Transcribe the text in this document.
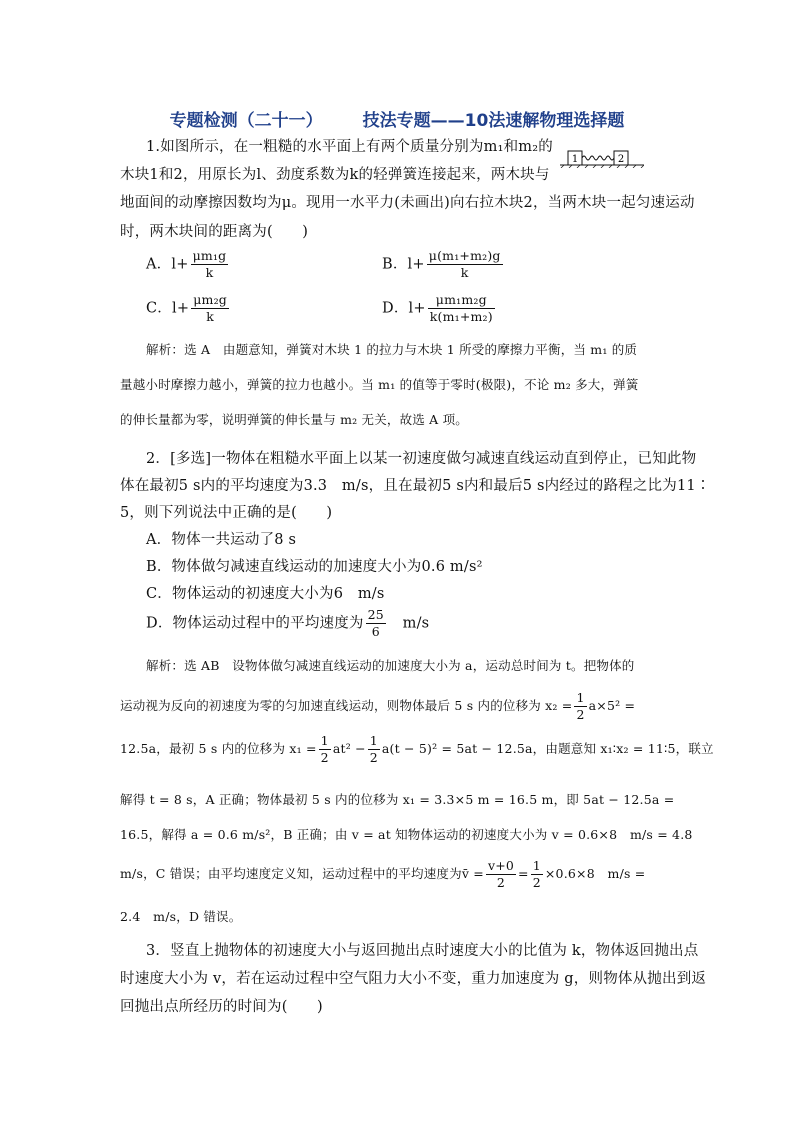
专题检测（二十一） 技法专题——10法速解物理选择题
1.如图所示，在一粗糙的水平面上有两个质量分别为m₁和m₂的
1	2
木块1和2，用原长为l、劲度系数为k的轻弹簧连接起来，两木块与
地面间的动摩擦因数均为μ。现用一水平力(未画出)向右拉木块2，当两木块一起匀速运动
时，两木块间的距离为(　　)
A．$l+ \frac{\text{μm₁g}}{k}$	B．$l+ \frac{\text{μ(m₁+m₂)g}}{k}$
C．$l+ \frac{\text{μm₂g}}{k}$	D．$l+ \frac{\text{μm₁m₂g}}{\text{k(m₁+m₂)}}$
解析：选 A　由题意知，弹簧对木块 1 的拉力与木块 1 所受的摩擦力平衡，当 m₁ 的质
量越小时摩擦力越小，弹簧的拉力也越小。当 m₁ 的值等于零时(极限)，不论 m₂ 多大，弹簧
的伸长量都为零，说明弹簧的伸长量与 m₂ 无关，故选 A 项。
2．[多选]一物体在粗糙水平面上以某一初速度做匀减速直线运动直到停止，已知此物
体在最初5 s内的平均速度为3.3　m/s，且在最初5 s内和最后5 s内经过的路程之比为11∶
5，则下列说法中正确的是(　　)
A．物体一共运动了8 s
B．物体做匀减速直线运动的加速度大小为0.6 m/s²
C．物体运动的初速度大小为6　m/s
D．物体运动过程中的平均速度为 $\frac{25}{6}$ 　m/s
解析：选 AB　设物体做匀减速直线运动的加速度大小为 a，运动总时间为 t。把物体的
运动视为反向的初速度为零的匀加速直线运动，则物体最后 5 s 内的位移为 $x_2 = \frac{1}{2} a\times 5^2$ =
12.5a，最初 5 s 内的位移为 $x_1 = \frac{1}{2} at^2 - \frac{1}{2} a(t - 5)^2 = 5at - 12.5a$，由题意知 x₁∶x₂ = 11∶5，联立
解得 t = 8 s，A 正确；物体最初 5 s 内的位移为 x₁ = 3.3×5 m = 16.5 m，即 5at − 12.5a =
16.5，解得 a = 0.6 m/s²，B 正确；由 v = at 知物体运动的初速度大小为 v = 0.6×8　m/s = 4.8
m/s，C 错误；由平均速度定义知，运动过程中的平均速度为v̄ = $\frac{v+0}{2} = \frac{1}{2} \times 0.6\times 8$　m/s =
2.4　m/s，D 错误。
3．竖直上抛物体的初速度大小与返回抛出点时速度大小的比值为 k，物体返回抛出点
时速度大小为 v，若在运动过程中空气阻力大小不变，重力加速度为 g，则物体从抛出到返
回抛出点所经历的时间为(　　)
